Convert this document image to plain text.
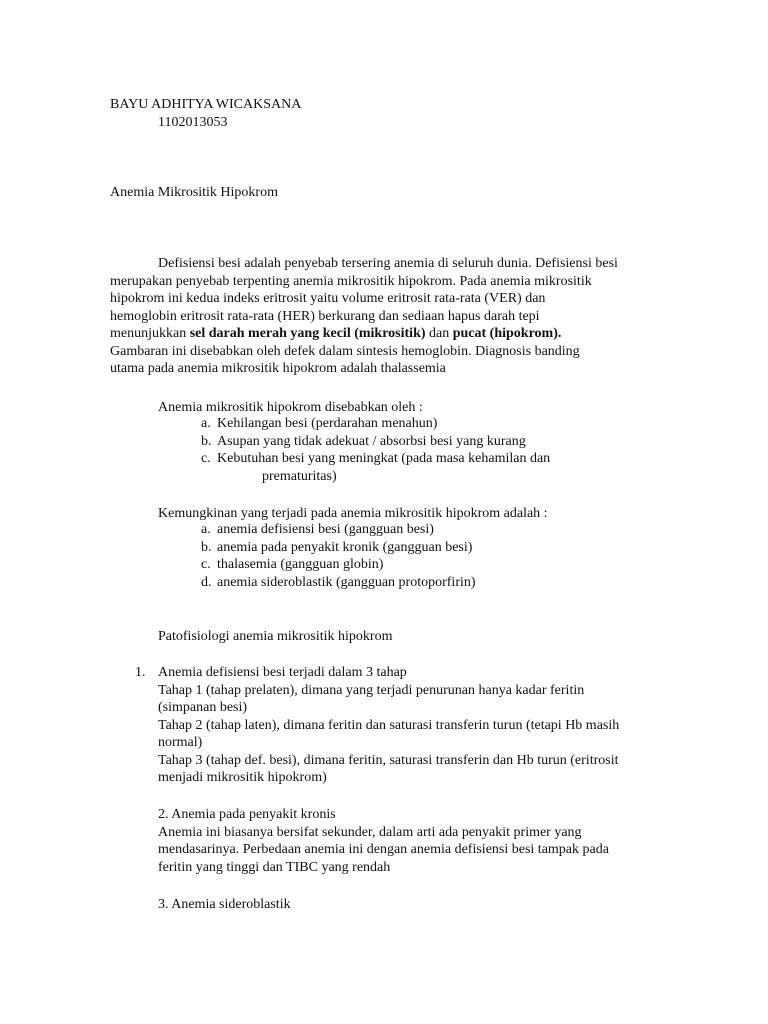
BAYU ADHITYA WICAKSANA
1102013053
Anemia Mikrositik Hipokrom

Defisiensi besi adalah penyebab tersering anemia di seluruh dunia. Defisiensi besi

merupakan penyebab terpenting anemia mikrositik hipokrom. Pada anemia mikrositik

hipokrom ini kedua indeks eritrosit yaitu volume eritrosit rata-rata (VER) dan

hemoglobin eritrosit rata-rata (HER) berkurang dan sediaan hapus darah tepi

menunjukkan sel darah merah yang kecil (mikrositik) dan pucat (hipokrom).

Gambaran ini disebabkan oleh defek dalam sintesis hemoglobin. Diagnosis banding

utama pada anemia mikrositik hipokrom adalah thalassemia

Anemia mikrositik hipokrom disebabkan oleh :
a. Kehilangan besi (perdarahan menahun)
b. Asupan yang tidak adekuat / absorbsi besi yang kurang
c. Kebutuhan besi yang meningkat (pada masa kehamilan dan
prematuritas)
Kemungkinan yang terjadi pada anemia mikrositik hipokrom adalah :
a. anemia defisiensi besi (gangguan besi)
b. anemia pada penyakit kronik (gangguan besi)
c. thalasemia (gangguan globin)
d. anemia sideroblastik (gangguan protoporfirin)
Patofisiologi anemia mikrositik hipokrom
1. Anemia defisiensi besi terjadi dalam 3 tahap

Tahap 1 (tahap prelaten), dimana yang terjadi penurunan hanya kadar feritin

(simpanan besi)

Tahap 2 (tahap laten), dimana feritin dan saturasi transferin turun (tetapi Hb masih

normal)

Tahap 3 (tahap def. besi), dimana feritin, saturasi transferin dan Hb turun (eritrosit

menjadi mikrositik hipokrom)

2. Anemia pada penyakit kronis

Anemia ini biasanya bersifat sekunder, dalam arti ada penyakit primer yang

mendasarinya. Perbedaan anemia ini dengan anemia defisiensi besi tampak pada

feritin yang tinggi dan TIBC yang rendah

3. Anemia sideroblastik
